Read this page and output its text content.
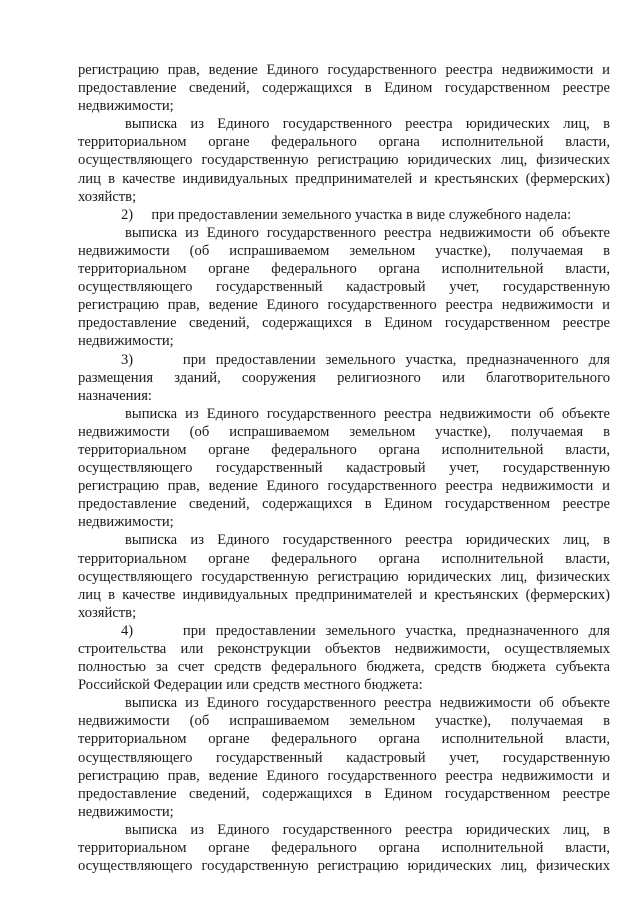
регистрацию прав, ведение Единого государственного реестра недвижимости и
предоставление сведений, содержащихся в Едином государственном реестре
недвижимости;
выписка из Единого государственного реестра юридических лиц, в
территориальном органе федерального органа исполнительной власти,
осуществляющего государственную регистрацию юридических лиц, физических
лиц в качестве индивидуальных предпринимателей и крестьянских (фермерских)
хозяйств;
2)     при предоставлении земельного участка в виде служебного надела:
выписка из Единого государственного реестра недвижимости об объекте
недвижимости (об испрашиваемом земельном участке), получаемая в
территориальном органе федерального органа исполнительной власти,
осуществляющего государственный кадастровый учет, государственную
регистрацию прав, ведение Единого государственного реестра недвижимости и
предоставление сведений, содержащихся в Едином государственном реестре
недвижимости;
3)     при предоставлении земельного участка, предназначенного для
размещения зданий, сооружения религиозного или благотворительного
назначения:
выписка из Единого государственного реестра недвижимости об объекте
недвижимости (об испрашиваемом земельном участке), получаемая в
территориальном органе федерального органа исполнительной власти,
осуществляющего государственный кадастровый учет, государственную
регистрацию прав, ведение Единого государственного реестра недвижимости и
предоставление сведений, содержащихся в Едином государственном реестре
недвижимости;
выписка из Единого государственного реестра юридических лиц, в
территориальном органе федерального органа исполнительной власти,
осуществляющего государственную регистрацию юридических лиц, физических
лиц в качестве индивидуальных предпринимателей и крестьянских (фермерских)
хозяйств;
4)     при предоставлении земельного участка, предназначенного для
строительства или реконструкции объектов недвижимости, осуществляемых
полностью за счет средств федерального бюджета, средств бюджета субъекта
Российской Федерации или средств местного бюджета:
выписка из Единого государственного реестра недвижимости об объекте
недвижимости (об испрашиваемом земельном участке), получаемая в
территориальном органе федерального органа исполнительной власти,
осуществляющего государственный кадастровый учет, государственную
регистрацию прав, ведение Единого государственного реестра недвижимости и
предоставление сведений, содержащихся в Едином государственном реестре
недвижимости;
выписка из Единого государственного реестра юридических лиц, в
территориальном органе федерального органа исполнительной власти,
осуществляющего государственную регистрацию юридических лиц, физических
